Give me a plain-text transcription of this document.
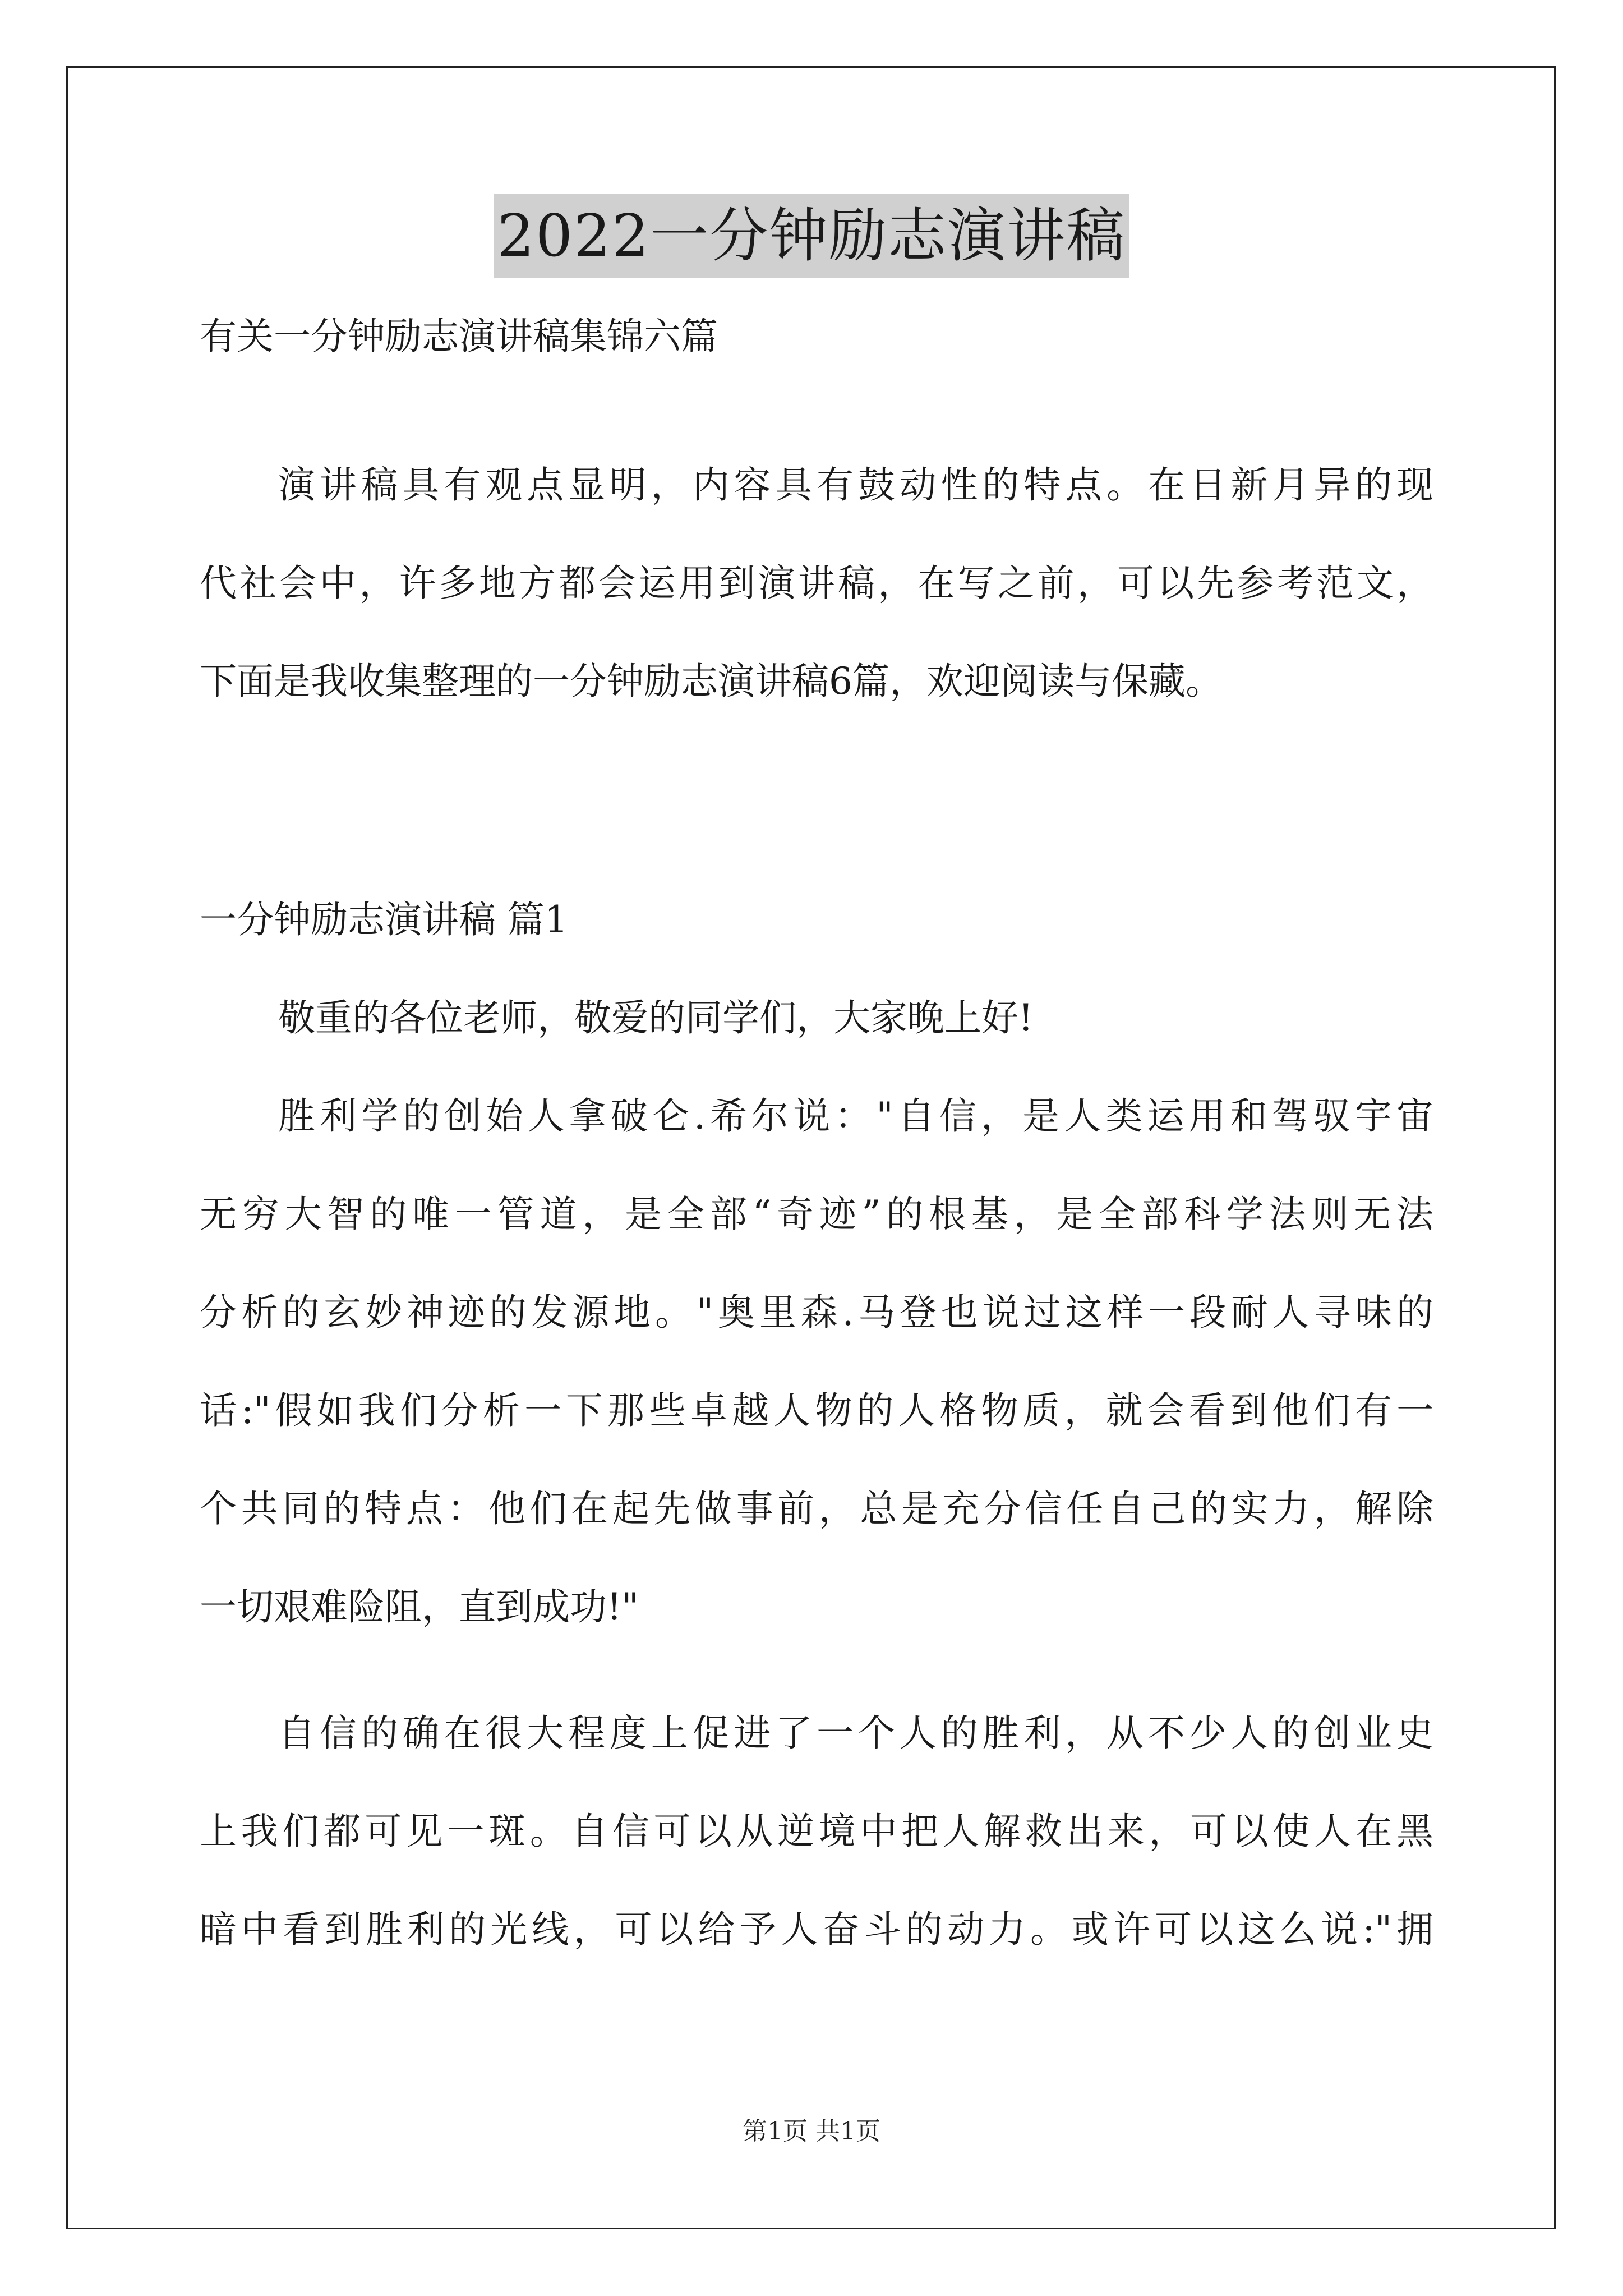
2022一分钟励志演讲稿
有关一分钟励志演讲稿集锦六篇
演讲稿具有观点显明，内容具有鼓动性的特点。在日新月异的现
代社会中，许多地方都会运用到演讲稿，在写之前，可以先参考范文，
下面是我收集整理的一分钟励志演讲稿6篇，欢迎阅读与保藏。
一分钟励志演讲稿 篇1
敬重的各位老师，敬爱的同学们，大家晚上好!
胜利学的创始人拿破仑.希尔说："自信，是人类运用和驾驭宇宙
无穷大智的唯一管道，是全部“奇迹”的根基，是全部科学法则无法
分析的玄妙神迹的发源地。"奥里森.马登也说过这样一段耐人寻味的
话:"假如我们分析一下那些卓越人物的人格物质，就会看到他们有一
个共同的特点：他们在起先做事前，总是充分信任自己的实力，解除
一切艰难险阻，直到成功!"
自信的确在很大程度上促进了一个人的胜利，从不少人的创业史
上我们都可见一斑。自信可以从逆境中把人解救出来，可以使人在黑
暗中看到胜利的光线，可以给予人奋斗的动力。或许可以这么说:"拥
第1页 共1页
